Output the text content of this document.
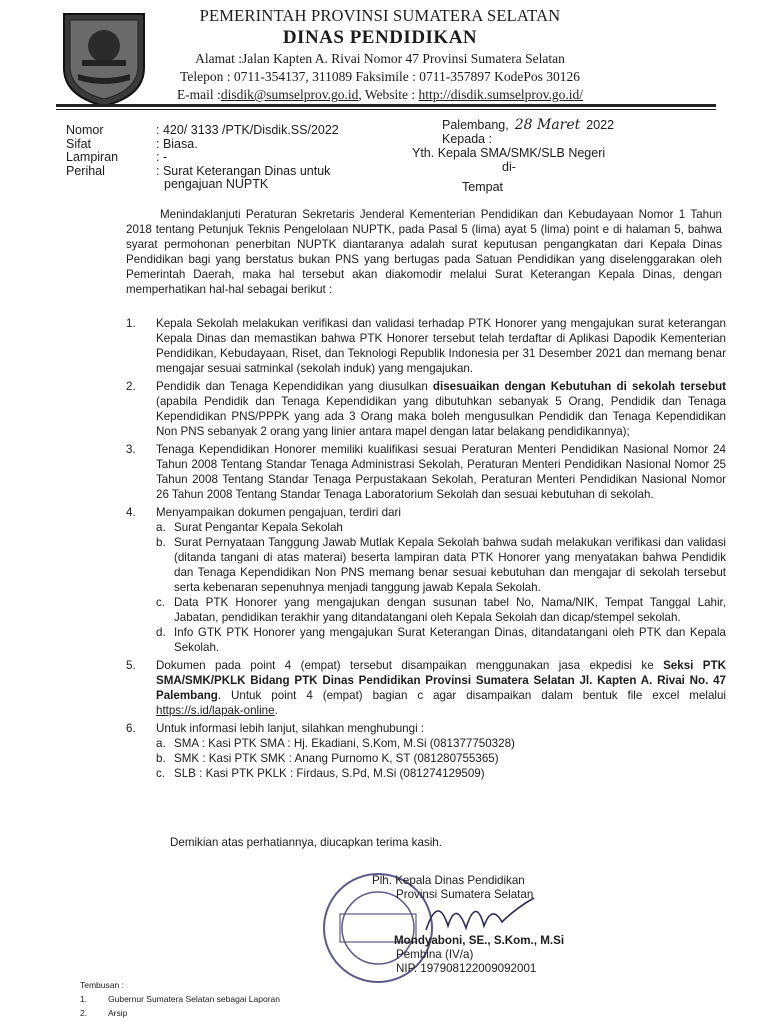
PEMERINTAH PROVINSI SUMATERA SELATAN
DINAS PENDIDIKAN
Alamat :Jalan Kapten A. Rivai Nomor 47 Provinsi Sumatera Selatan
Telepon : 0711-354137, 311089 Faksimile : 0711-357897 KodePos 30126
E-mail :disdik@sumselprov.go.id, Website : http://disdik.sumselprov.go.id/
Nomor	: 420/ 3133 /PTK/Disdik.SS/2022
Sifat	: Biasa.
Lampiran	: -
Perihal	: Surat Keterangan Dinas untuk
pengajuan NUPTK
Palembang, 28 Maret 2022
Kepada :
Yth. Kepala SMA/SMK/SLB Negeri
di-
Tempat
Menindaklanjuti Peraturan Sekretaris Jenderal Kementerian Pendidikan dan Kebudayaan Nomor 1 Tahun 2018 tentang Petunjuk Teknis Pengelolaan NUPTK, pada Pasal 5 (lima) ayat 5 (lima) point e di halaman 5, bahwa syarat permohonan penerbitan NUPTK diantaranya adalah surat keputusan pengangkatan dari Kepala Dinas Pendidikan bagi yang berstatus bukan PNS yang bertugas pada Satuan Pendidikan yang diselenggarakan oleh Pemerintah Daerah, maka hal tersebut akan diakomodir melalui Surat Keterangan Kepala Dinas, dengan memperhatikan hal-hal sebagai berikut :
1.	Kepala Sekolah melakukan verifikasi dan validasi terhadap PTK Honorer yang mengajukan surat keterangan Kepala Dinas dan memastikan bahwa PTK Honorer tersebut telah terdaftar di Aplikasi Dapodik Kementerian Pendidikan, Kebudayaan, Riset, dan Teknologi Republik Indonesia per 31 Desember 2021 dan memang benar mengajar sesuai satminkal (sekolah induk) yang mengajukan.
2.	Pendidik dan Tenaga Kependidikan yang diusulkan disesuaikan dengan Kebutuhan di sekolah tersebut (apabila Pendidik dan Tenaga Kependidikan yang dibutuhkan sebanyak 5 Orang, Pendidik dan Tenaga Kependidikan PNS/PPPK yang ada 3 Orang maka boleh mengusulkan Pendidik dan Tenaga Kependidikan Non PNS sebanyak 2 orang yang linier antara mapel dengan latar belakang pendidikannya);
3.	Tenaga Kependidikan Honorer memiliki kualifikasi sesuai Peraturan Menteri Pendidikan Nasional Nomor 24 Tahun 2008 Tentang Standar Tenaga Administrasi Sekolah, Peraturan Menteri Pendidikan Nasional Nomor 25 Tahun 2008 Tentang Standar Tenaga Perpustakaan Sekolah, Peraturan Menteri Pendidikan Nasional Nomor 26 Tahun 2008 Tentang Standar Tenaga Laboratorium Sekolah dan sesuai kebutuhan di sekolah.
4.	Menyampaikan dokumen pengajuan, terdiri dari
a. Surat Pengantar Kepala Sekolah
b. Surat Pernyataan Tanggung Jawab Mutlak Kepala Sekolah bahwa sudah melakukan verifikasi dan validasi (ditanda tangani di atas materai) beserta lampiran data PTK Honorer yang menyatakan bahwa Pendidik dan Tenaga Kependidikan Non PNS memang benar sesuai kebutuhan dan mengajar di sekolah tersebut serta kebenaran sepenuhnya menjadi tanggung jawab Kepala Sekolah.
c. Data PTK Honorer yang mengajukan dengan susunan tabel No, Nama/NIK, Tempat Tanggal Lahir, Jabatan, pendidikan terakhir yang ditandatangani oleh Kepala Sekolah dan dicap/stempel sekolah.
d. Info GTK PTK Honorer yang mengajukan Surat Keterangan Dinas, ditandatangani oleh PTK dan Kepala Sekolah.
5.	Dokumen pada point 4 (empat) tersebut disampaikan menggunakan jasa ekpedisi ke Seksi PTK SMA/SMK/PKLK Bidang PTK Dinas Pendidikan Provinsi Sumatera Selatan Jl. Kapten A. Rivai No. 47 Palembang. Untuk point 4 (empat) bagian c agar disampaikan dalam bentuk file excel melalui https://s.id/lapak-online.
6.	Untuk informasi lebih lanjut, silahkan menghubungi :
a. SMA : Kasi PTK SMA : Hj. Ekadiani, S.Kom, M.Si (081377750328)
b. SMK : Kasi PTK SMK : Anang Purnomo K, ST (081280755365)
c. SLB : Kasi PTK PKLK : Firdaus, S.Pd, M.Si (081274129509)
Demikian atas perhatiannya, diucapkan terima kasih.
Plh. Kepala Dinas Pendidikan
Provinsi Sumatera Selatan
Mondyaboni, SE., S.Kom., M.Si
Pembina (IV/a)
NIP. 197908122009092001
Tembusan :
1.	Gubernur Sumatera Selatan sebagai Laporan
2.	Arsip
